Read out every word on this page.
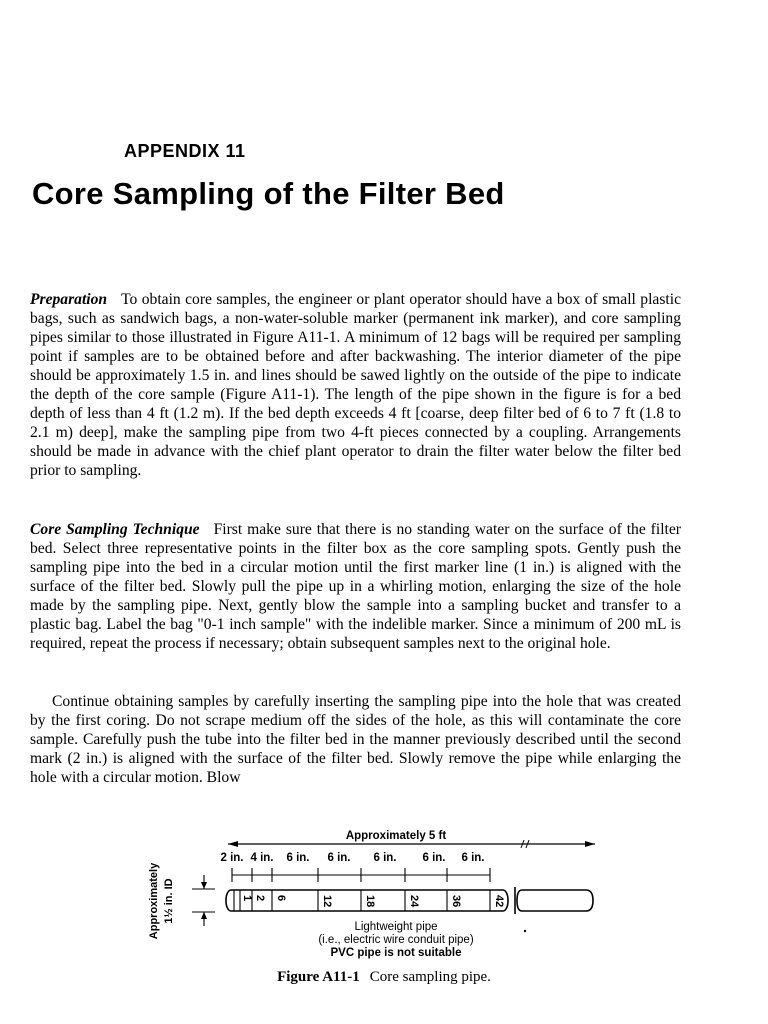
APPENDIX 11
Core Sampling of the Filter Bed

Preparation To obtain core samples, the engineer or plant operator should have a box of small plastic bags, such as sandwich bags, a non-water-soluble marker (permanent ink marker), and core sampling pipes similar to those illustrated in Figure A11-1. A minimum of 12 bags will be required per sampling point if samples are to be obtained before and after backwashing. The interior diameter of the pipe should be approximately 1.5 in. and lines should be sawed lightly on the outside of the pipe to indicate the depth of the core sample (Figure A11-1). The length of the pipe shown in the figure is for a bed depth of less than 4 ft (1.2 m). If the bed depth exceeds 4 ft [coarse, deep filter bed of 6 to 7 ft (1.8 to 2.1 m) deep], make the sampling pipe from two 4-ft pieces connected by a coupling. Arrangements should be made in advance with the chief plant operator to drain the filter water below the filter bed prior to sampling.

Core Sampling Technique First make sure that there is no standing water on the surface of the filter bed. Select three representative points in the filter box as the core sampling spots. Gently push the sampling pipe into the bed in a circular motion until the first marker line (1 in.) is aligned with the surface of the filter bed. Slowly pull the pipe up in a whirling motion, enlarging the size of the hole made by the sampling pipe. Next, gently blow the sample into a sampling bucket and transfer to a plastic bag. Label the bag "0-1 inch sample" with the indelible marker. Since a minimum of 200 mL is required, repeat the process if necessary; obtain subsequent samples next to the original hole.

Continue obtaining samples by carefully inserting the sampling pipe into the hole that was created by the first coring. Do not scrape medium off the sides of the hole, as this will contaminate the core sample. Carefully push the tube into the filter bed in the manner previously described until the second mark (2 in.) is aligned with the surface of the filter bed. Slowly remove the pipe while enlarging the hole with a circular motion. Blow

Approximately 5 ft
2 in. 4 in. 6 in. 6 in. 6 in. 6 in. 6 in.
Approximately 1½ in. ID	1 2 6	12	18	24	36	42
Lightweight pipe
(i.e., electric wire conduit pipe)
PVC pipe is not suitable
Figure A11-1 Core sampling pipe.
